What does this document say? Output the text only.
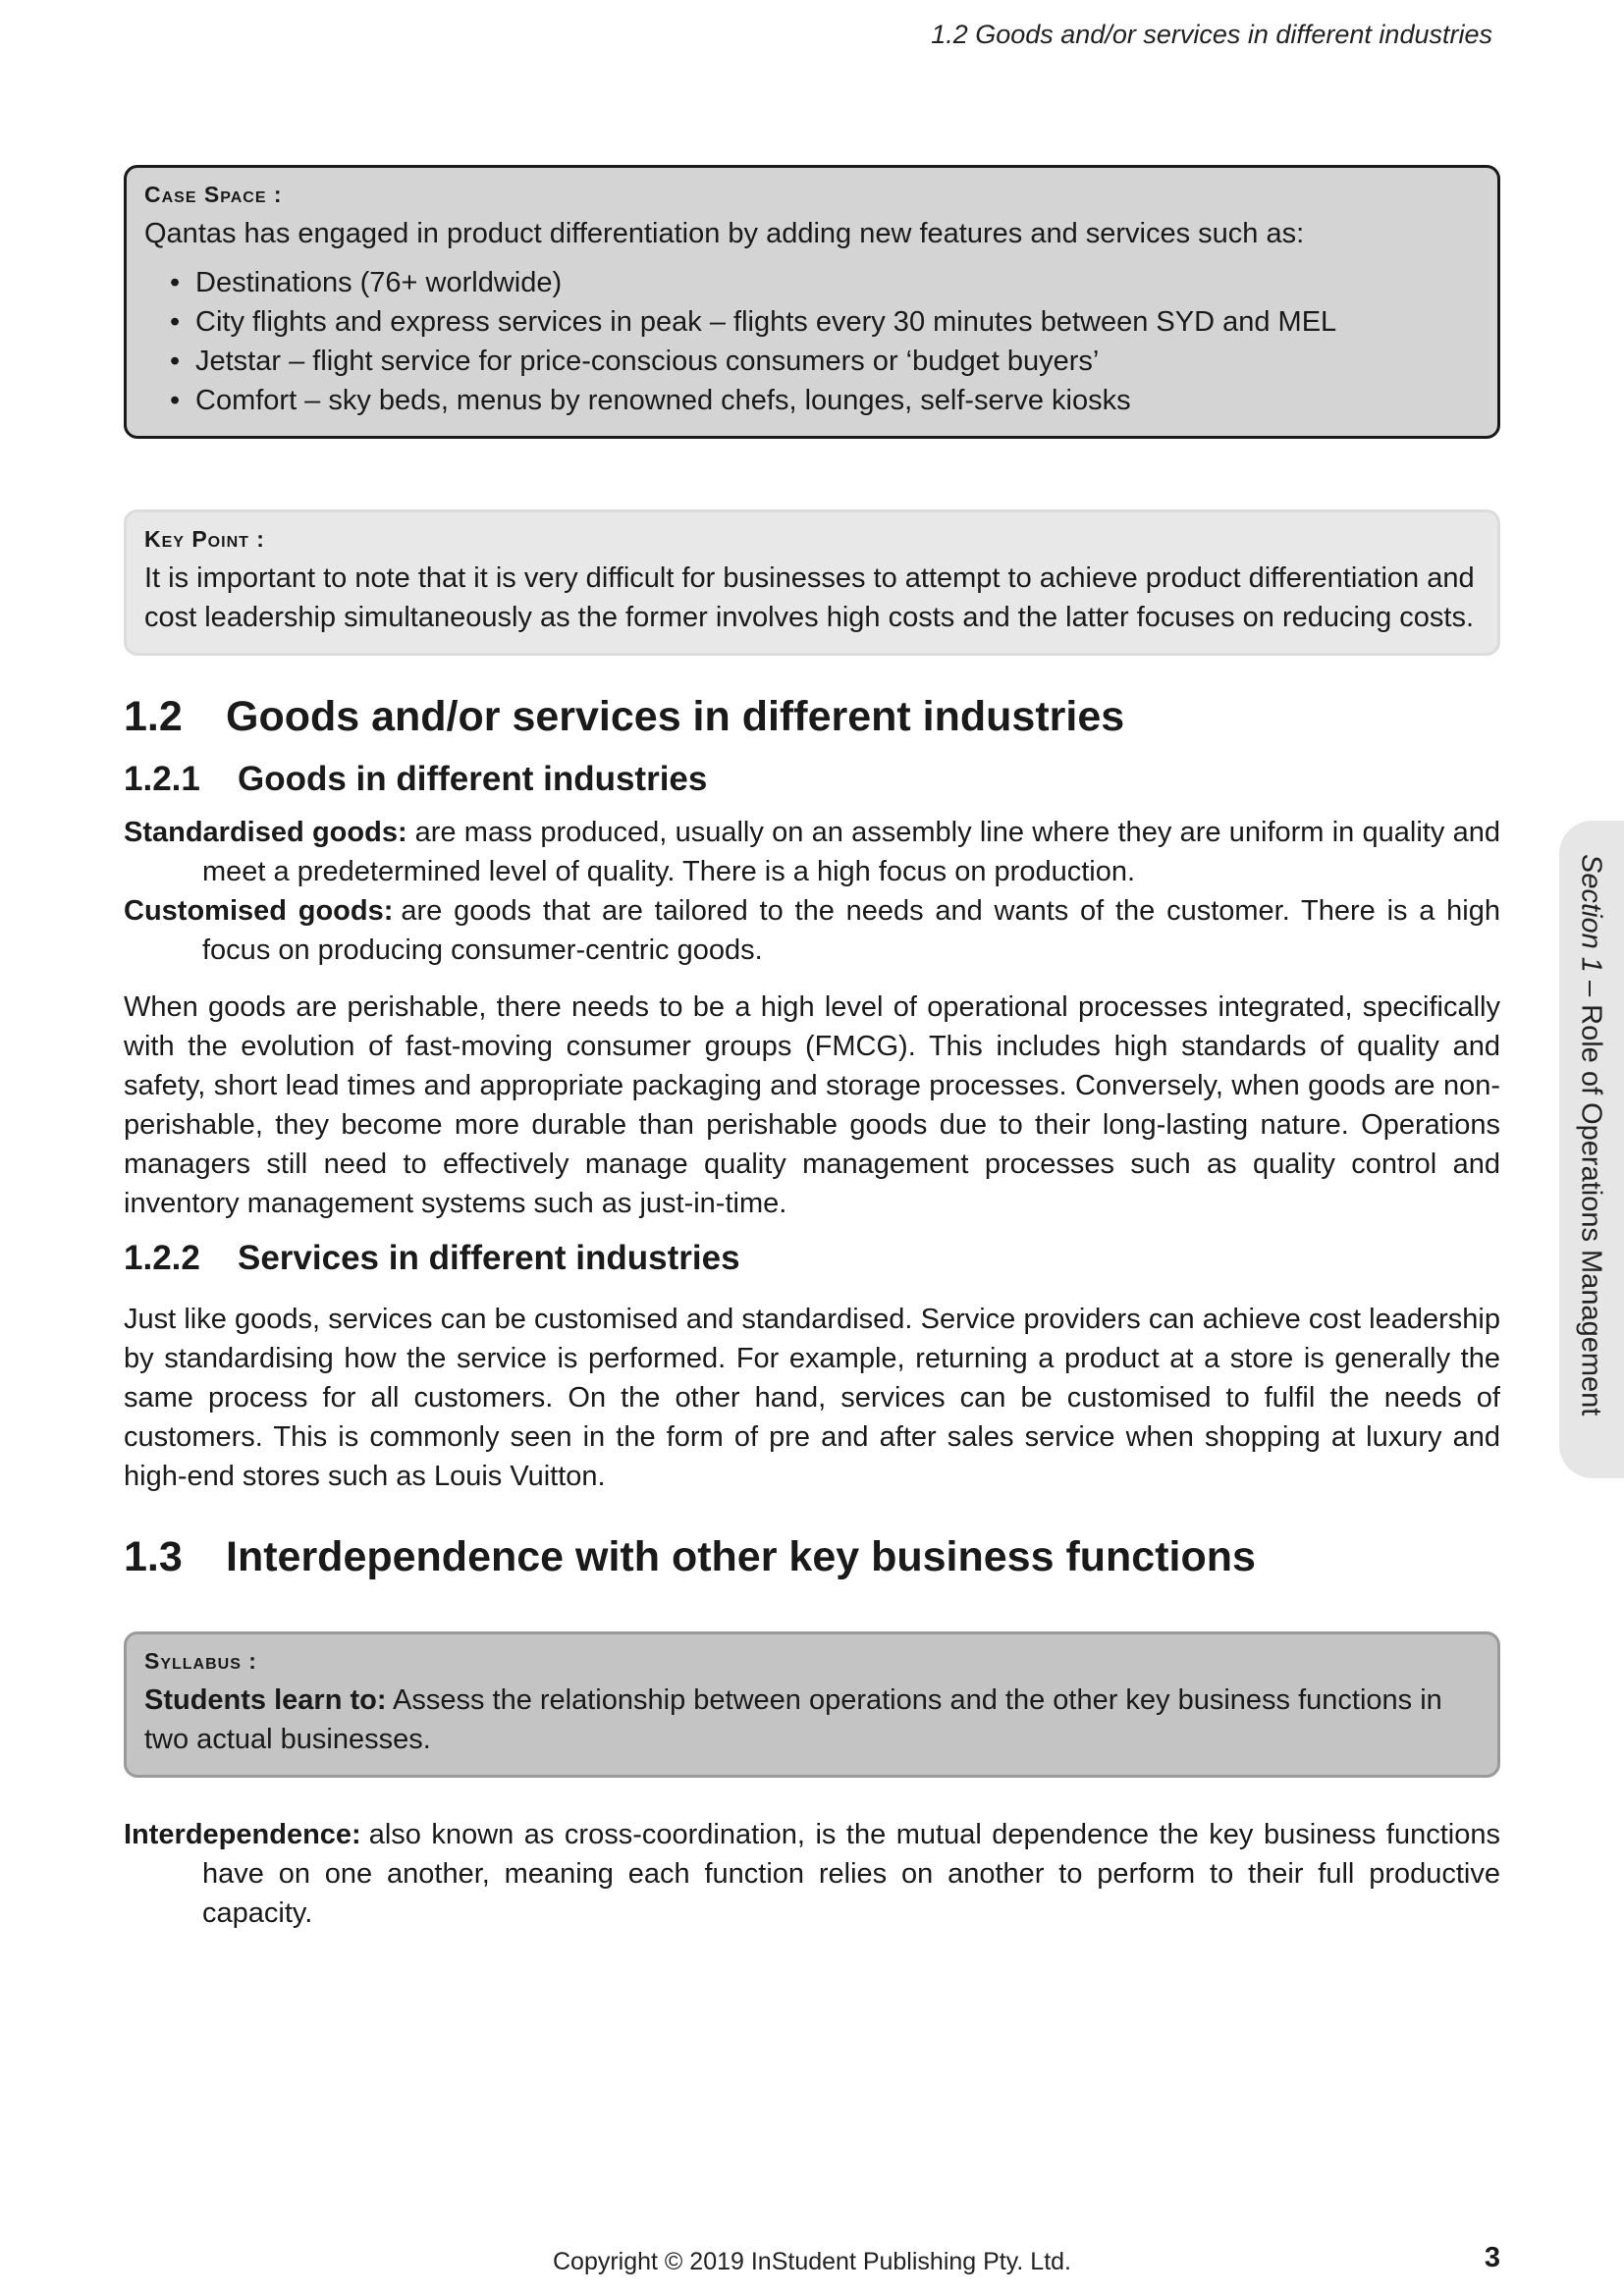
1.2 Goods and/or services in different industries

Case Space :

Qantas has engaged in product differentiation by adding new features and services such as:

• Destinations (76+ worldwide)
• City flights and express services in peak – flights every 30 minutes between SYD and MEL
• Jetstar – flight service for price-conscious consumers or ‘budget buyers’
• Comfort – sky beds, menus by renowned chefs, lounges, self-serve kiosks

Key Point :

It is important to note that it is very difficult for businesses to attempt to achieve product differentiation and cost leadership simultaneously as the former involves high costs and the latter focuses on reducing costs.

1.2 Goods and/or services in different industries
1.2.1 Goods in different industries

Standardised goods: are mass produced, usually on an assembly line where they are uniform in quality and meet a predetermined level of quality. There is a high focus on production.

Customised goods: are goods that are tailored to the needs and wants of the customer. There is a high focus on producing consumer-centric goods.

When goods are perishable, there needs to be a high level of operational processes integrated, specifically with the evolution of fast-moving consumer groups (FMCG). This includes high standards of quality and safety, short lead times and appropriate packaging and storage processes. Conversely, when goods are non-perishable, they become more durable than perishable goods due to their long-lasting nature. Operations managers still need to effectively manage quality management processes such as quality control and inventory management systems such as just-in-time.

1.2.2 Services in different industries

Just like goods, services can be customised and standardised. Service providers can achieve cost leadership by standardising how the service is performed. For example, returning a product at a store is generally the same process for all customers. On the other hand, services can be customised to fulfil the needs of customers. This is commonly seen in the form of pre and after sales service when shopping at luxury and high-end stores such as Louis Vuitton.

1.3 Interdependence with other key business functions

Syllabus :

Students learn to: Assess the relationship between operations and the other key business functions in two actual businesses.

Interdependence: also known as cross-coordination, is the mutual dependence the key business functions have on one another, meaning each function relies on another to perform to their full productive capacity.

Section 1 – Role of Operations Management
Copyright © 2019 InStudent Publishing Pty. Ltd.	3
